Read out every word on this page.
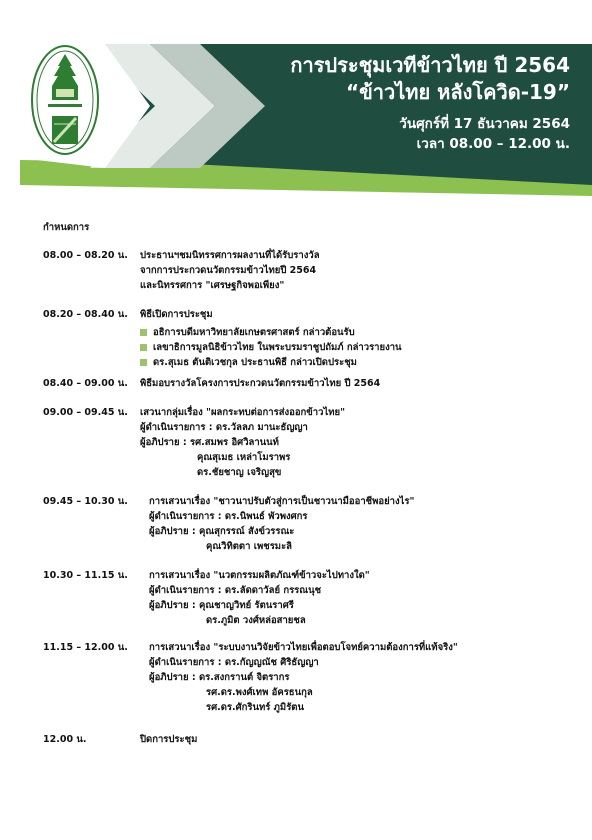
การประชุมเวทีข้าวไทย ปี 2564
“ข้าวไทย หลังโควิด-19”
วันศุกร์ที่ 17 ธันวาคม 2564
เวลา 08.00 – 12.00 น.
กำหนดการ
08.00 – 08.20 น. ประธานฯชมนิทรรศการผลงานที่ได้รับรางวัล
จากการประกวดนวัตกรรมข้าวไทยปี 2564
และนิทรรศการ "เศรษฐกิจพอเพียง"
08.20 – 08.40 น. พิธีเปิดการประชุม
อธิการบดีมหาวิทยาลัยเกษตรศาสตร์ กล่าวต้อนรับ
เลขาธิการมูลนิธิข้าวไทย ในพระบรมราชูปถัมภ์ กล่าวรายงาน
ดร.สุเมธ ตันติเวชกุล ประธานพิธี กล่าวเปิดประชุม
08.40 – 09.00 น. พิธีมอบรางวัลโครงการประกวดนวัตกรรมข้าวไทย ปี 2564
09.00 – 09.45 น. เสวนากลุ่มเรื่อง "ผลกระทบต่อการส่งออกข้าวไทย"
ผู้ดำเนินรายการ : ดร.วัลลภ มานะธัญญา
ผู้อภิปราย : รศ.สมพร อิศวิลานนท์
คุณสุเมธ เหล่าโมราพร
ดร.ชัยชาญ เจริญสุข
09.45 – 10.30 น. การเสวนาเรื่อง "ชาวนาปรับตัวสู่การเป็นชาวนามืออาชีพอย่างไร"
ผู้ดำเนินรายการ : ดร.นิพนธ์ พัวพงศกร
ผู้อภิปราย : คุณสุกรรณ์ สังข์วรรณะ
คุณวิทิตตา เพชรมะลิ
10.30 – 11.15 น. การเสวนาเรื่อง "นวตกรรมผลิตภัณฑ์ข้าวจะไปทางใด"
ผู้ดำเนินรายการ : ดร.ลัดดาวัลย์ กรรณนุช
ผู้อภิปราย : คุณชาญวิทย์ รัตนราศรี
ดร.ภูมิต วงศ์หล่อสายชล
11.15 – 12.00 น. การเสวนาเรื่อง "ระบบงานวิจัยข้าวไทยเพื่อตอบโจทย์ความต้องการที่แท้จริง"
ผู้ดำเนินรายการ : ดร.กัญญณัช ศิริธัญญา
ผู้อภิปราย : ดร.สงกรานต์ จิตรากร
รศ.ดร.พงศ์เทพ อัครธนกุล
รศ.ดร.ศักรินทร์ ภูมิรัตน
12.00 น.	ปิดการประชุม
